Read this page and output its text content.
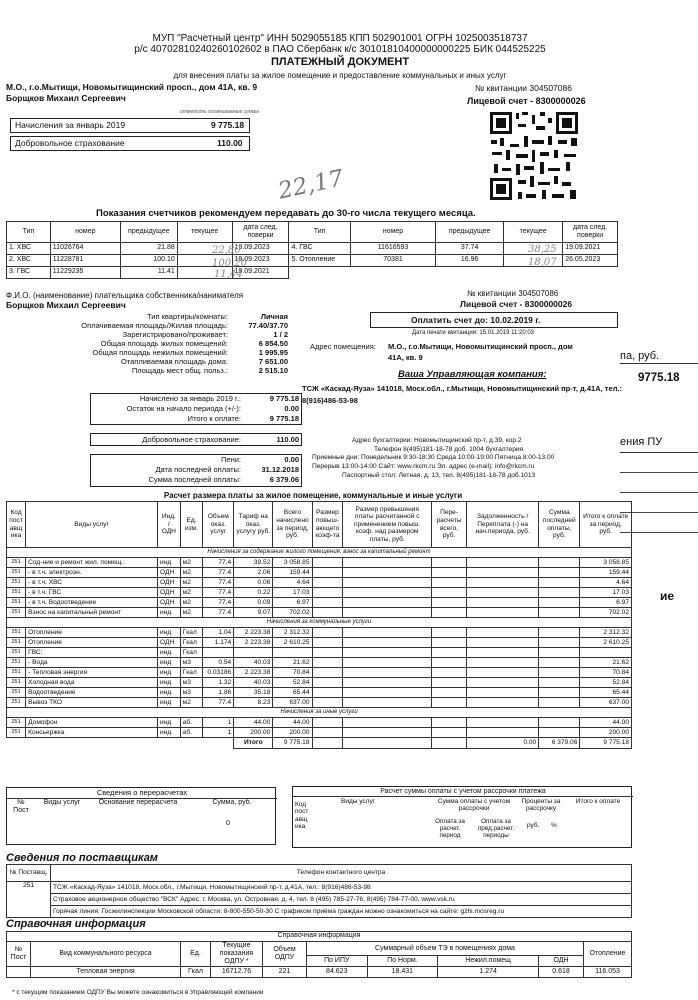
МУП "Расчетный центр" ИНН 5029055185 КПП 502901001 ОГРН 1025003518737
р/с 40702810240260102602 в ПАО Сбербанк к/с 30101810400000000225 БИК 044525225
ПЛАТЕЖНЫЙ ДОКУМЕНТ
для внесения платы за жилое помещение и предоставление коммунальных и иных услуг
М.О., г.о.Мытищи, Новомытищинский просп., дом 41А, кв. 9
Борщков Михаил Сергеевич
№ квитанции 304507086
Лицевой счет - 8300000026
отметить оплачиваемые суммы
Начисления за январь 2019	9 775.18
Добровольное страхование	110.00
22,17
Показания счетчиков рекомендуем передавать до 30-го числа текущего месяца.
Тип	номер	предыдущее	текущее	дата след. поверки	Тип	номер	предыдущее	текущее	дата след. поверки
1. ХВС	11026764	21.88		19.09.2023	4. ГВС	11616593	37.74		19.09.2021
2. ХВС	11228781	100.10		19.09.2023	5. Отопление	70381	16.96		26.05.2023
3. ГВС	11229235	11.41		19.09.2021					
22,80
100,20
11,44
38,25
18,07
Ф.И.О. (наименование) плательщика собственника/нанимателя
Борщков Михаил Сергеевич
№ квитанции 304507086
Лицевой счет - 8300000026
Оплатить счет до: 10.02.2019 г.
Дата печати квитанции: 15.01.2019 11:20:03
Тип квартиры/комнаты:	Личная
Оплачиваемая площадь/Жилая площадь:	77.40/37.70
Зарегистрировано/проживает:	1 / 2
Общая площадь жилых помещений:	6 854.50
Общая площадь нежилых помещений:	1 995.95
Отапливаемая площадь дома:	7 651.00
Площадь мест общ. польз.:	2 515.10
Адрес помещения: М.О., г.о.Мытищи, Новомытищинский просп., дом 41А, кв. 9
Ваша Управляющая компания:
ТСЖ «Каскад-Яуза» 141018, Моск.обл., г.Мытищи, Новомытищинский пр-т, д.41А, тел.: 8(916)486-53-98
Начислено за январь 2019 г.:	9 775.18
Остаток на начало периода (+/-):	0.00
Итого к оплате:	9 775.18
Добровольное страхование:	110.00
Пени:	0.00
Дата последней оплаты:	31.12.2018
Сумма последней оплаты:	6 379.06
Адрес бухгалтерии: Новомытищинский пр-т, д.39, кор.2
Телефон 8(495)181-18-78 доб. 1004 бухгалтерия
Приемные дни: Понедельник 9:30-18:30 Среда 10:00-19:00 Пятница 8:00-13:00
Перерыв 13:00-14:00 Сайт: www.rkcm.ru Эл. адрес (e-mail): info@rkcm.ru
Паспортный стол: Летная, д. 13, тел. 8(495)181-18-78 доб.1013
па, руб.
9775.18
ения ПУ
ие
Расчет размера платы за жилое помещение, коммунальные и иные услуги
Код пост авщ ика	Виды услуг	Инд. / ОДН	Ед. изм.	Объем оказ. услуг	Тариф на оказ. услугу руб.	Всего начислено за период, руб.	Размер повыш-ающего коэф-та	Размер превышения платы расчитанной с применением повыш. коэф. над размером платы, руб.	Пере-расчеты всего, руб.	Задолженность / Переплата (-) на нач.периода, руб.	Сумма последней оплаты, руб.	Итого к оплате за период, руб.
Начисления за содержание жилого помещения, взнос за капитальный ремонт												
251	Сод-ние и ремонт жил. помещ.:	инд	м2	77.4	39.52	3 058.85						3 058.85
251	- в т.ч. электроэн.	ОДН	м2	77.4	2.06	159.44						159.44
251	- в т.ч. ХВС	ОДН	м2	77.4	0.06	4.64						4.64
251	- в т.ч. ГВС	ОДН	м2	77.4	0.22	17.03						17.03
251	- в т.ч. Водоотведение	ОДН	м2	77.4	0.09	6.97						6.97
251	Взнос на капитальный ремонт	инд	м2	77.4	9.07	702.02						702.02
Начисления за коммунальные услуги												
251	Отопление	инд	Гкал	1.04	2 223.38	2 312.32						2 312.32
251	Отопление	ОДН	Гкал	1.174	2 223.38	2 610.25						2 610.25
251	ГВС:	инд	Гкал									
251	- Вода	инд	м3	0.54	40.03	21.62						21.62
251	- Тепловая энергия	инд	Гкал	0.03186	2 223.38	70.84						70.84
251	Холодная вода	инд	м3	1.32	40.03	52.84						52.84
251	Водоотведение	инд	м3	1.86	35.18	65.44						65.44
251	Вывоз ТКО	инд	м2	77.4	8.23	637.00						637.00
Начисления за иные услуги												
251	Домофон	инд	аб.	1	44.00	44.00						44.00
251	Консьержка	инд	аб.	1	200.00	200.00						200.00
					Итого	9 775.18				0.00	6 379.06	9 775.18
Сведения о перерасчетах
№ Пост
Виды услуг	Основание перерасчета	Сумма, руб.
0
Расчет суммы оплаты с учетом рассрочки платежа
Код пост авщ ика
Виды услуг	Сумма оплаты с учетом рассрочки
Оплата за расчет. период
Оплата за пред.расчет. периоды
Проценты за рассрочку
руб. %
Итого к оплате
Сведения по поставщикам
№ Поставщ.	Телефон контактного центра
251	ТСЖ «Каскад-Яуза» 141018, Моск.обл., г.Мытищи, Новомытищинский пр-т, д.41А, тел.: 8(916)486-53-98
	Страховое акционерное общество "ВСК" Адрес: г. Москва, ул. Островная, д. 4, тел. 8 (495) 785-27-76, 8(495) 784-77-00, www.vsk.ru
	Горячая линия: Госжилинспекции Московской области: 8-800-550-50-30 С графиком приёма граждан можно ознакомиться на сайте: gzhi.mosreg.ru
Справочная информация
Справочная информация									
№ Пост	Вид коммунального ресурса	Ед.	Текущие показания ОДПУ *	Объем ОДПУ	Суммарный объем ТЭ в помещениях дома				Отопление
					По ИПУ	По Норм.	Нежил.помещ	ОДН	
	Тепловая энергия	Гкал	16712.76	221	84.623	18.431	1.274	0.618	116.053
* с текущим показанием ОДПУ Вы можете ознакомиться в Управляющей компании
